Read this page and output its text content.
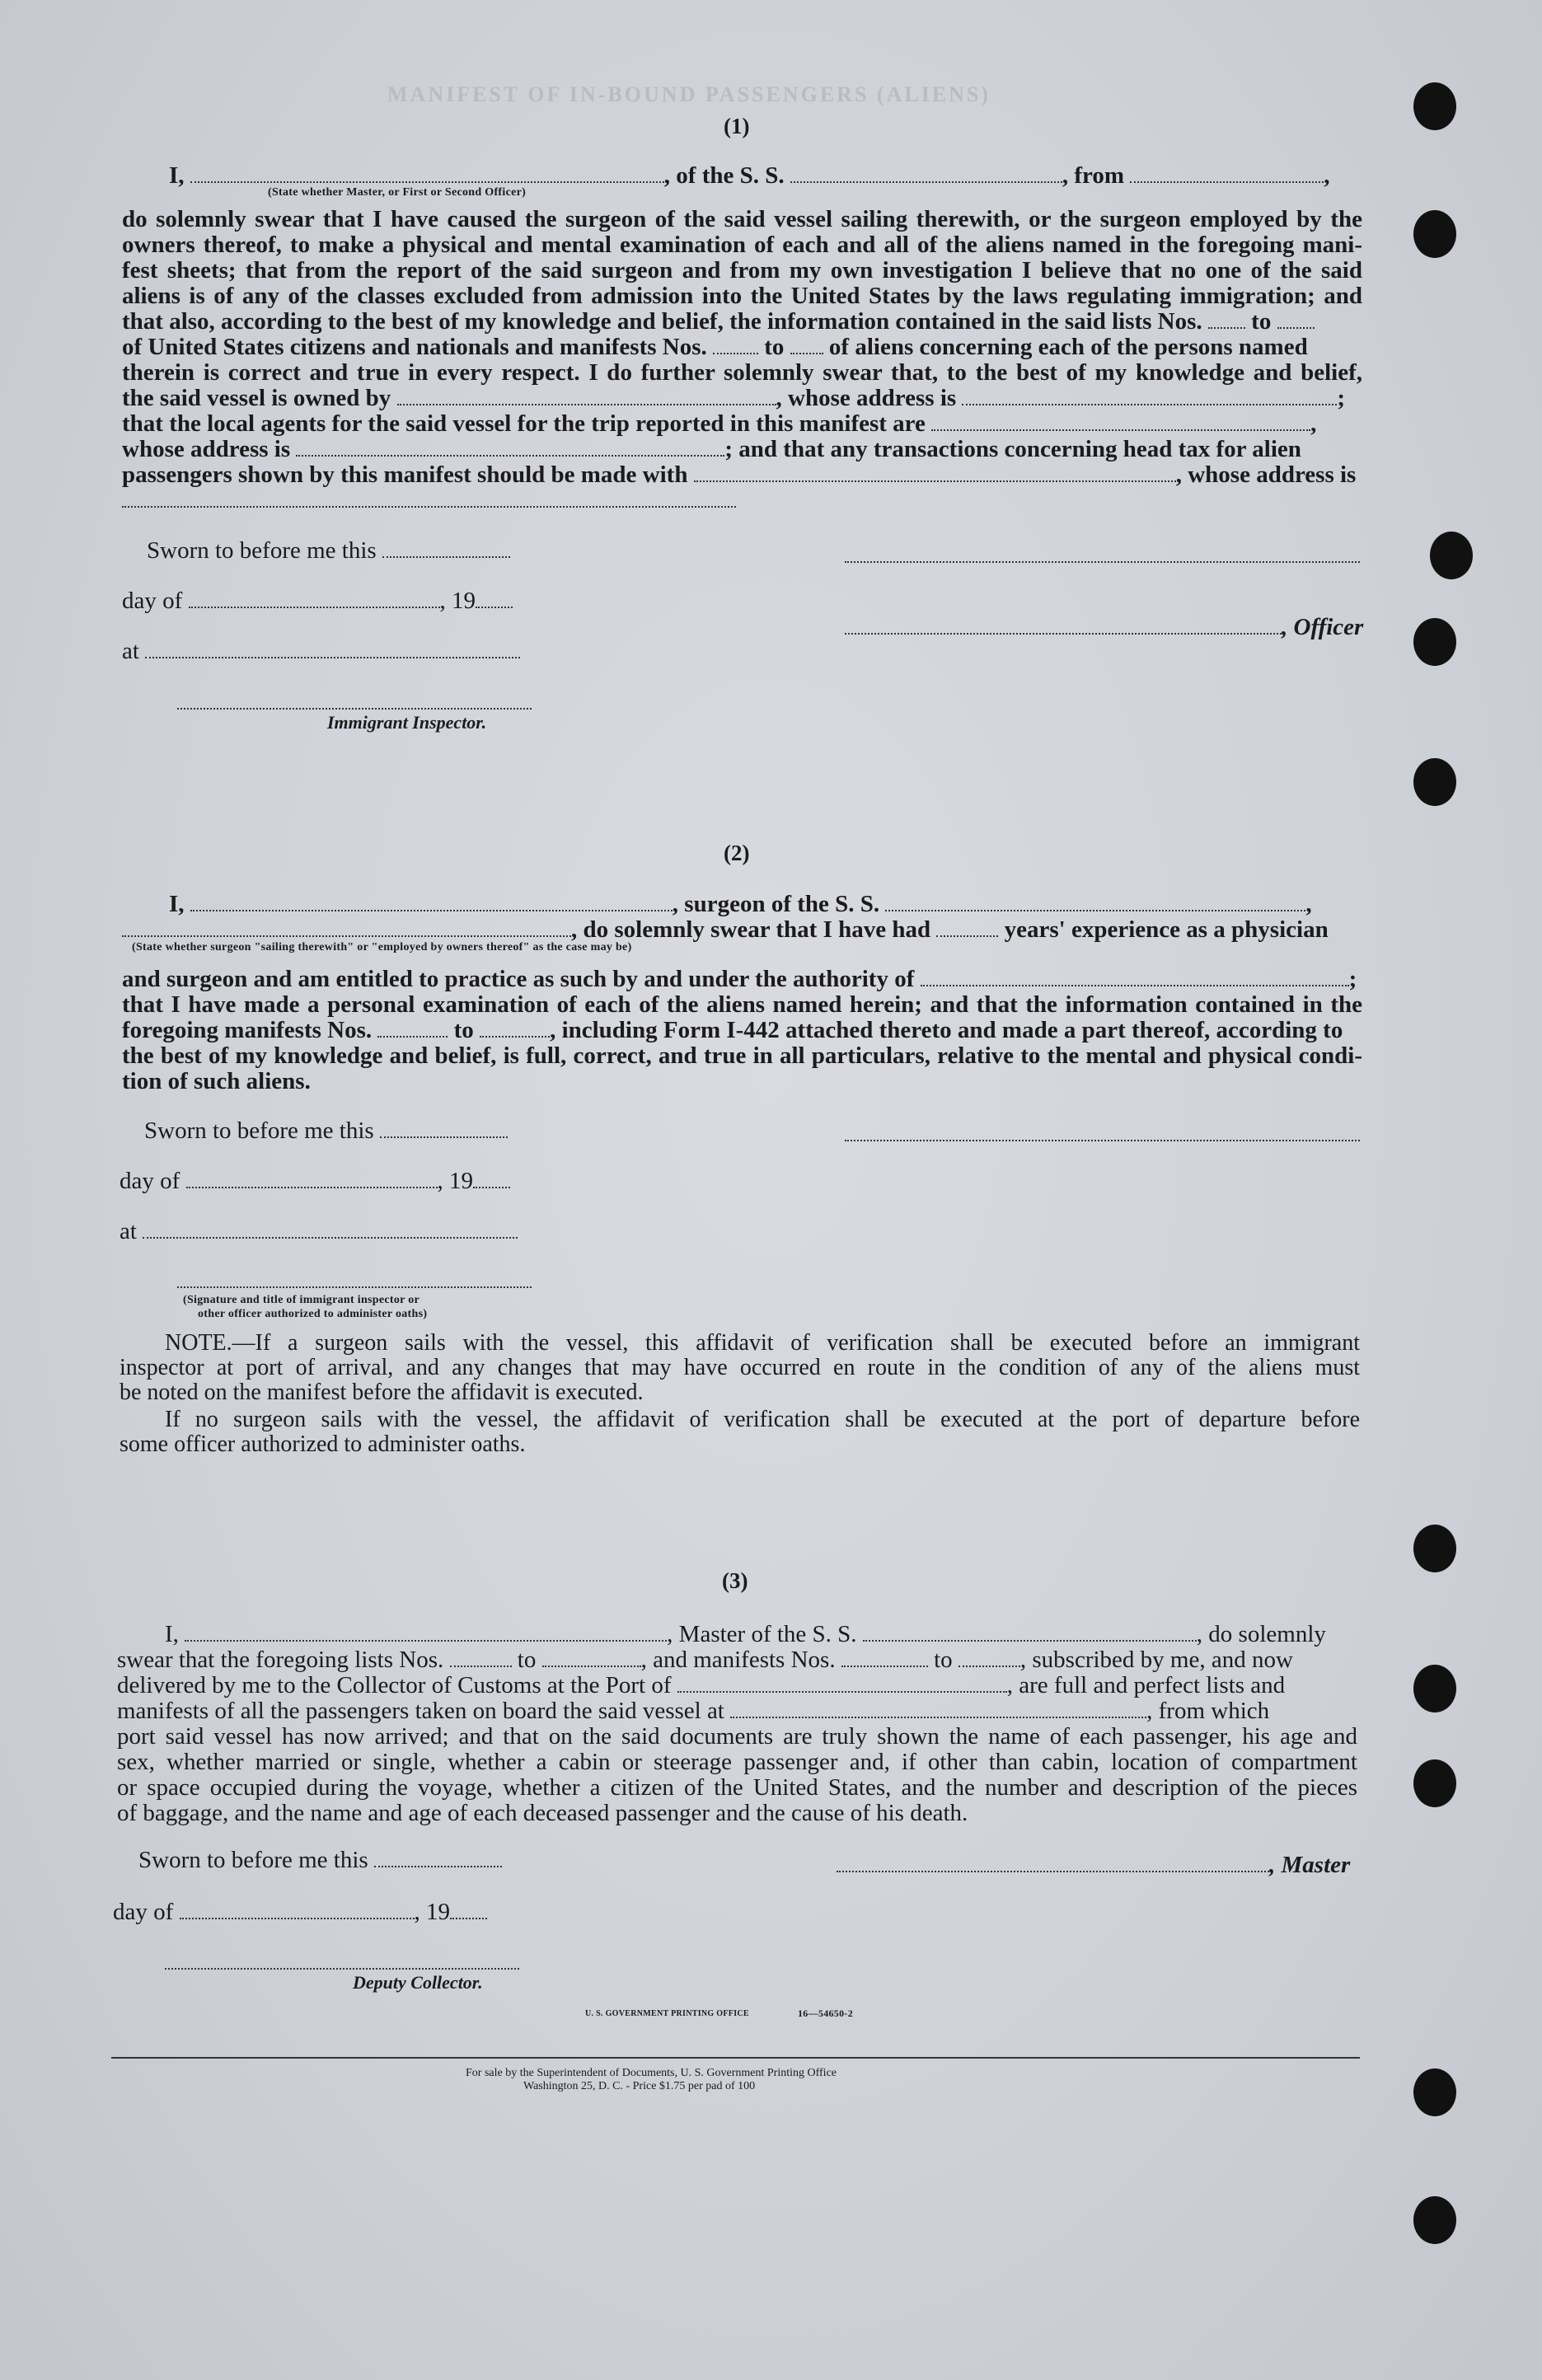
MANIFEST OF IN-BOUND PASSENGERS (ALIENS)
(1)
I,	, of the S. S.	, from	,
(State whether Master, or First or Second Officer)
do solemnly swear that I have caused the surgeon of the said vessel sailing therewith, or the surgeon employed by the
owners thereof, to make a physical and mental examination of each and all of the aliens named in the foregoing mani-
fest sheets; that from the report of the said surgeon and from my own investigation I believe that no one of the said
aliens is of any of the classes excluded from admission into the United States by the laws regulating immigration; and
that also, according to the best of my knowledge and belief, the information contained in the said lists Nos. to
of United States citizens and nationals and manifests Nos. to of aliens concerning each of the persons named
therein is correct and true in every respect. I do further solemnly swear that, to the best of my knowledge and belief,
the said vessel is owned by	, whose address is	;
that the local agents for the said vessel for the trip reported in this manifest are	,
whose address is	; and that any transactions concerning head tax for alien
passengers shown by this manifest should be made with	, whose address is
Sworn to before me this
day of	, 19
, Officer
at
Immigrant Inspector.
(2)
I,	, surgeon of the S. S.	,
, do solemnly swear that I have had	years' experience as a physician
(State whether surgeon "sailing therewith" or "employed by owners thereof" as the case may be)
and surgeon and am entitled to practice as such by and under the authority of	;
that I have made a personal examination of each of the aliens named herein; and that the information contained in the
foregoing manifests Nos.	to	, including Form I-442 attached thereto and made a part thereof, according to
the best of my knowledge and belief, is full, correct, and true in all particulars, relative to the mental and physical condi-
tion of such aliens.
Sworn to before me this
day of	, 19
at
(Signature and title of immigrant inspector or
other officer authorized to administer oaths)
NOTE.—If a surgeon sails with the vessel, this affidavit of verification shall be executed before an immigrant
inspector at port of arrival, and any changes that may have occurred en route in the condition of any of the aliens must
be noted on the manifest before the affidavit is executed.
If no surgeon sails with the vessel, the affidavit of verification shall be executed at the port of departure before
some officer authorized to administer oaths.
(3)
I,	, Master of the S. S.	, do solemnly
swear that the foregoing lists Nos.	to	, and manifests Nos.	to	, subscribed by me, and now
delivered by me to the Collector of Customs at the Port of	, are full and perfect lists and
manifests of all the passengers taken on board the said vessel at	, from which
port said vessel has now arrived; and that on the said documents are truly shown the name of each passenger, his age and
sex, whether married or single, whether a cabin or steerage passenger and, if other than cabin, location of compartment
or space occupied during the voyage, whether a citizen of the United States, and the number and description of the pieces
of baggage, and the name and age of each deceased passenger and the cause of his death.
Sworn to before me this	, Master
day of	, 19
Deputy Collector.
U. S. GOVERNMENT PRINTING OFFICE	16—54650-2
For sale by the Superintendent of Documents, U. S. Government Printing Office
Washington 25, D. C. - Price $1.75 per pad of 100
